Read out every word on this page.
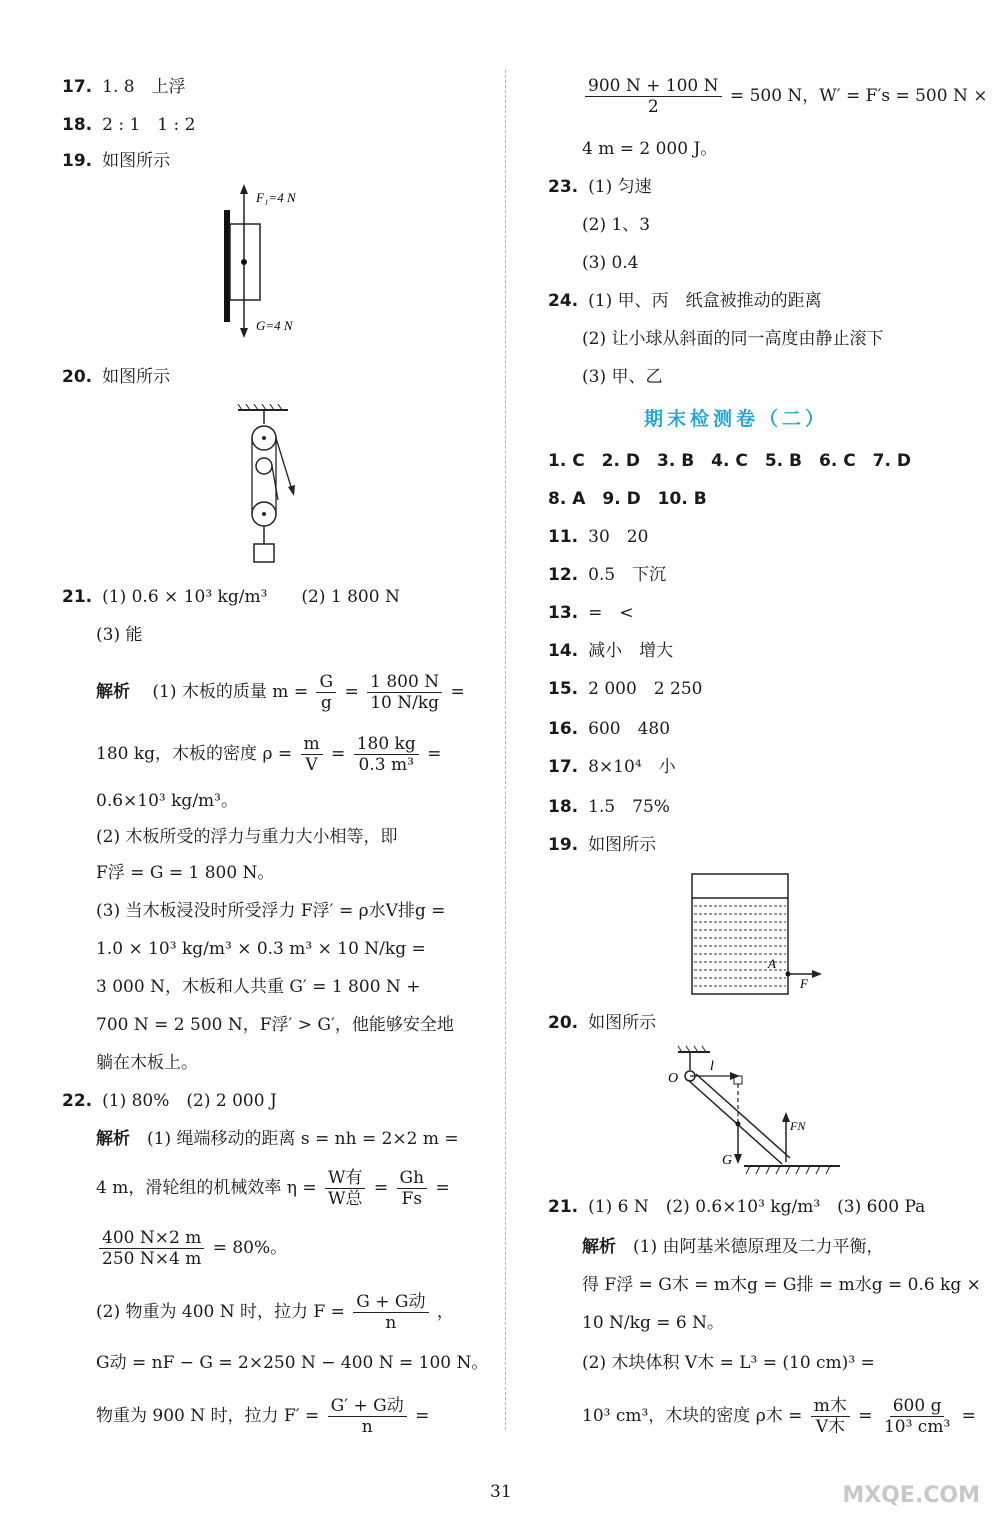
17. 1. 8　上浮
18. 2 : 1　1 : 2
19. 如图所示
F₁=4 N
G=4 N
20. 如图所示
21. (1) 0.6 × 10³ kg/m³　　(2) 1 800 N
(3) 能
解析　 (1) 木板的质量 $m = \frac{G}{g} = \frac{1 800 N}{10 N/kg}$ =
180 kg，木板的密度 $\rho = \frac{m}{V} = \frac{180 kg}{\text{0.3 m³}}$ =
0.6×10³ kg/m³。
(2) 木板所受的浮力与重力大小相等，即
F浮 = G = 1 800 N。
(3) 当木板浸没时所受浮力 F浮′ = ρ水V排g =
1.0 × 10³ kg/m³ × 0.3 m³ × 10 N/kg =
3 000 N，木板和人共重 G′ = 1 800 N +
700 N = 2 500 N，F浮′ > G′，他能够安全地
躺在木板上。
22. (1) 80%　(2) 2 000 J
解析　 (1) 绳端移动的距离 s = nh = 2×2 m =
4 m，滑轮组的机械效率 $\eta = \frac{\text{W有}}{\text{W总}} = \frac{Gh}{Fs}$ =
$\frac{400 N\times 2 m}{250 N\times 4 m} = 80\%$。
(2) 物重为 400 N 时，拉力 $F = \frac{\text{G + G动}}{n}$ ，
G动 = nF − G = 2×250 N − 400 N = 100 N。
物重为 900 N 时，拉力 $F' = \frac{\text{G′ + G动}}{n}$ =
$\frac{900 N + 100 N}{2} = 500$ N，W′ = F′s = 500 N ×
4 m = 2 000 J。
23. (1) 匀速
(2) 1、3
(3) 0.4
24. (1) 甲、丙　纸盒被推动的距离
(2) 让小球从斜面的同一高度由静止滚下
(3) 甲、乙
期末检测卷（二）
1. C　2. D　3. B　4. C　5. B　6. C　7. D
8. A　9. D　10. B
11. 30　20
12. 0.5　下沉
13. =　<
14. 减小　增大
15. 2 000　2 250
16. 600　480
17. 8×10⁴　小
18. 1.5　75%
19. 如图所示
A
F
20. 如图所示
O
l
FN
G
21. (1) 6 N　(2) 0.6×10³ kg/m³　(3) 600 Pa
解析　 (1) 由阿基米德原理及二力平衡，
得 F浮 = G木 = m木g = G排 = m水g = 0.6 kg ×
10 N/kg = 6 N。
(2) 木块体积 V木 = L³ = (10 cm)³ =
10³ cm³，木块的密度 ρ木 = $\frac{\text{m木}}{\text{V木}} = \frac{600 g}{\text{10³ cm³}}$ =
31	MXQE.COM
